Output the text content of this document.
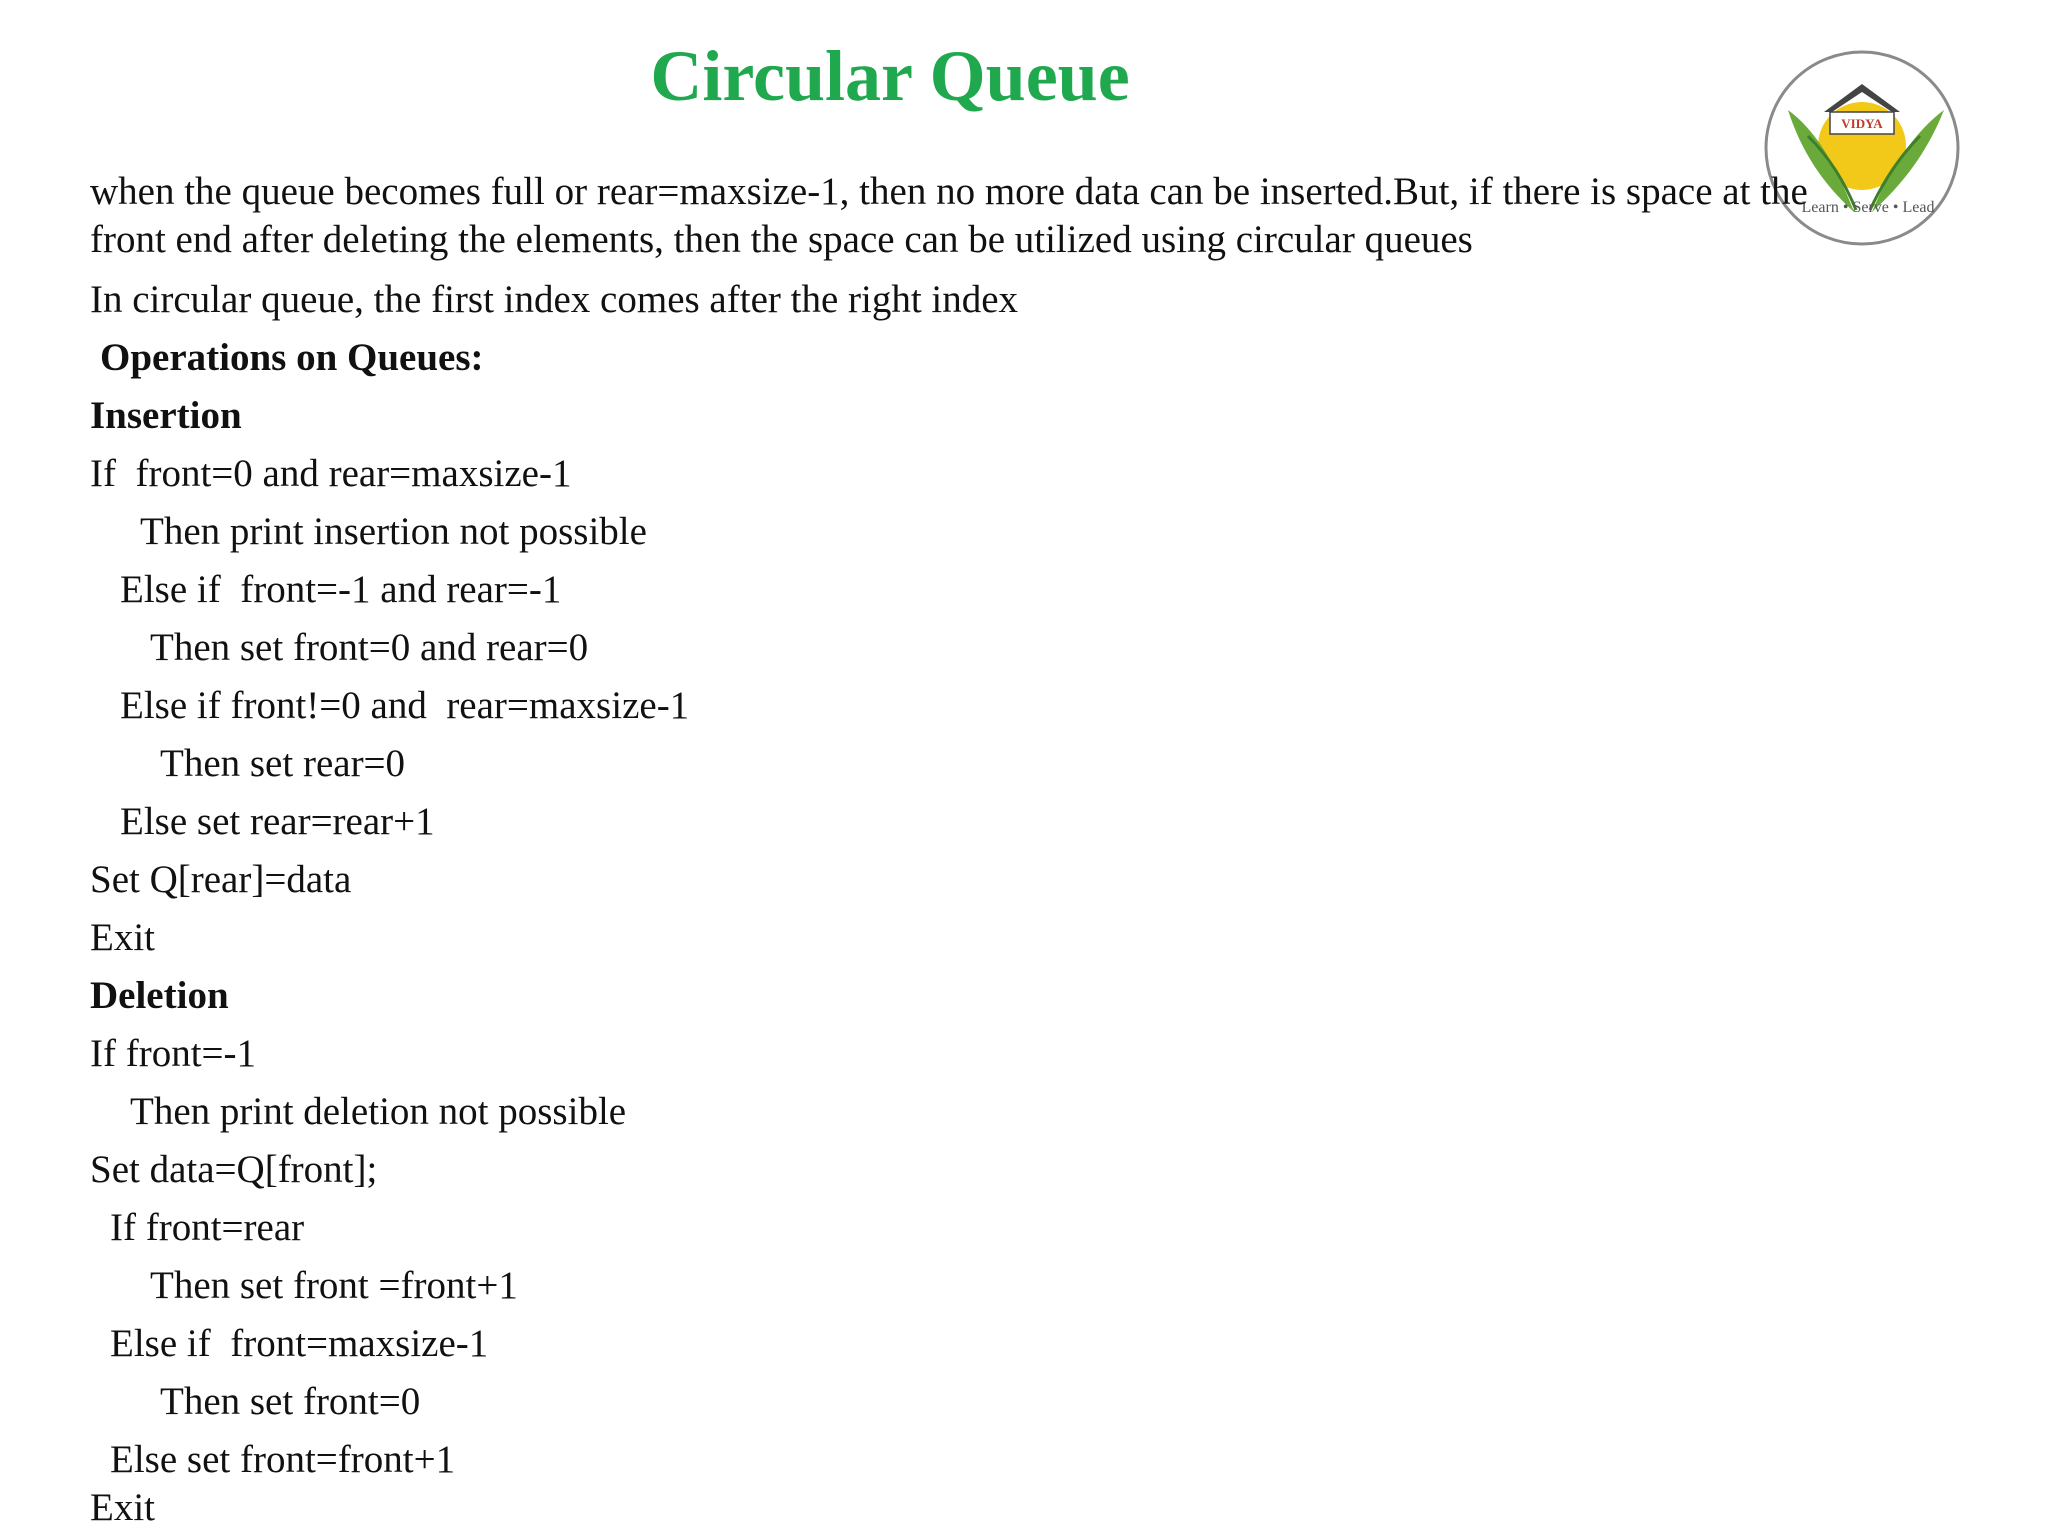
Circular Queue
VIDYA
Learn • Serve • Lead

when the queue becomes full or rear=maxsize-1, then no more data can be inserted.But, if there is space at the front end after deleting the elements, then the space can be utilized using circular queues

In circular queue, the first index comes after the right index
Operations on Queues:
Insertion
If  front=0 and rear=maxsize-1
Then print insertion not possible
Else if  front=-1 and rear=-1
Then set front=0 and rear=0
Else if front!=0 and  rear=maxsize-1
Then set rear=0
Else set rear=rear+1
Set Q[rear]=data
Exit
Deletion
If front=-1
Then print deletion not possible
Set data=Q[front];
If front=rear
Then set front =front+1
Else if  front=maxsize-1
Then set front=0
Else set front=front+1
Exit
